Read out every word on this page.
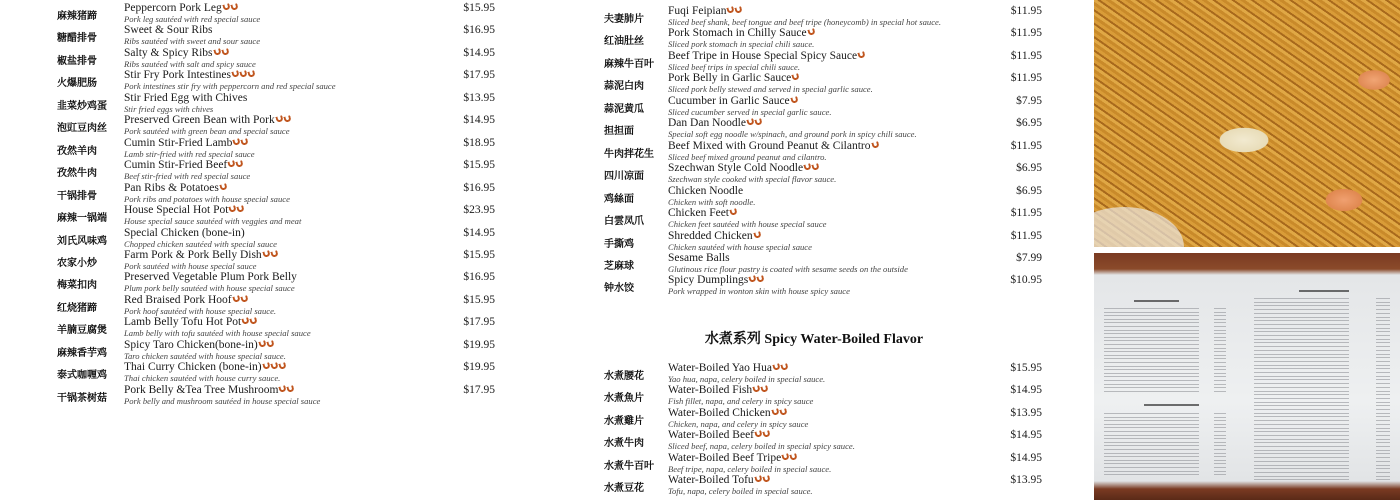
麻辣猪蹄
Peppercorn Pork Leg
Pork leg sautéed with red special sauce
$15.95
糖醋排骨
Sweet & Sour Ribs
Ribs sautéed with sweet and sour sauce
$16.95
椒盐排骨
Salty & Spicy Ribs
Ribs sautéed with salt and spicy sauce
$14.95
火爆肥肠
Stir Fry Pork Intestines
Pork intestines stir fry with peppercorn and red special sauce
$17.95
韭菜炒鸡蛋
Stir Fried Egg with Chives
Stir fried eggs with chives
$13.95
泡豇豆肉丝
Preserved Green Bean with Pork
Pork sautéed with green bean and special sauce
$14.95
孜然羊肉
Cumin Stir-Fried Lamb
Lamb stir-fried with red special sauce
$18.95
孜然牛肉
Cumin Stir-Fried Beef
Beef stir-fried with red special sauce
$15.95
干锅排骨
Pan Ribs & Potatoes
Pork ribs and potatoes with house special sauce
$16.95
麻辣一锅端
House Special Hot Pot
House special sauce sautéed with veggies and meat
$23.95
刘氏风味鸡
Special Chicken (bone-in)
Chopped chicken sautéed with special sauce
$14.95
农家小炒
Farm Pork & Pork Belly Dish
Pork sautéed with house special sauce
$15.95
梅菜扣肉
Preserved Vegetable Plum Pork Belly
Plum pork belly sautéed with house special sauce
$16.95
红烧猪蹄
Red Braised Pork Hoof
Pork hoof sautéed with house special sauce.
$15.95
羊腩豆腐煲
Lamb Belly Tofu Hot Pot
Lamb belly with tofu sautéed with house special sauce
$17.95
麻辣香芋鸡
Spicy Taro Chicken(bone-in)
Taro chicken sautéed with house special sauce.
$19.95
泰式咖喱鸡
Thai Curry Chicken (bone-in)
Thai chicken sautéed with house curry sauce.
$19.95
干锅茶树菇
Pork Belly &Tea Tree Mushroom
Pork belly and mushroom sautéed in house special sauce
$17.95
夫妻肺片
Fuqi Feipian
Sliced beef shank, beef tongue and beef tripe (honeycomb) in special hot sauce.
$11.95
红油肚丝
Pork Stomach in Chilly Sauce
Sliced pork stomach in special chili sauce.
$11.95
麻辣牛百叶
Beef Tripe in House Special Spicy Sauce
Sliced beef trips in special chili sauce.
$11.95
蒜泥白肉
Pork Belly in Garlic Sauce
Sliced pork belly stewed and served in special garlic sauce.
$11.95
蒜泥黄瓜
Cucumber in Garlic Sauce
Sliced cucumber served in special garlic sauce.
$7.95
担担面
Dan Dan Noodle
Special soft egg noodle w/spinach, and ground pork in spicy chili sauce.
$6.95
牛肉拌花生
Beef Mixed with Ground Peanut & Cilantro
Sliced beef mixed ground peanut and cilantro.
$11.95
四川凉面
Szechwan Style Cold Noodle
Szechwan style cooked with special flavor sauce.
$6.95
鸡絲面
Chicken Noodle
Chicken with soft noodle.
$6.95
白雲凤爪
Chicken Feet
Chicken feet sautéed with house special sauce
$11.95
手撕鸡
Shredded Chicken
Chicken sautéed with house special sauce
$11.95
芝麻球
Sesame Balls
Glutinous rice flour pastry is coated with sesame seeds on the outside
$7.99
钟水饺
Spicy Dumplings
Pork wrapped in wonton skin with house spicy sauce
$10.95
水煮系列 Spicy Water-Boiled Flavor
水煮腰花
Water-Boiled Yao Hua
Yao hua, napa, celery boiled in special sauce.
$15.95
水煮魚片
Water-Boiled Fish
Fish fillet, napa, and celery in spicy sauce
$14.95
水煮雞片
Water-Boiled Chicken
Chicken, napa, and celery in spicy sauce
$13.95
水煮牛肉
Water-Boiled Beef
Sliced beef, napa, celery boiled in special spicy sauce.
$14.95
水煮牛百叶
Water-Boiled Beef Tripe
Beef tripe, napa, celery boiled in special sauce.
$14.95
水煮豆花
Water-Boiled Tofu
Tofu, napa, celery boiled in special sauce.
$13.95
